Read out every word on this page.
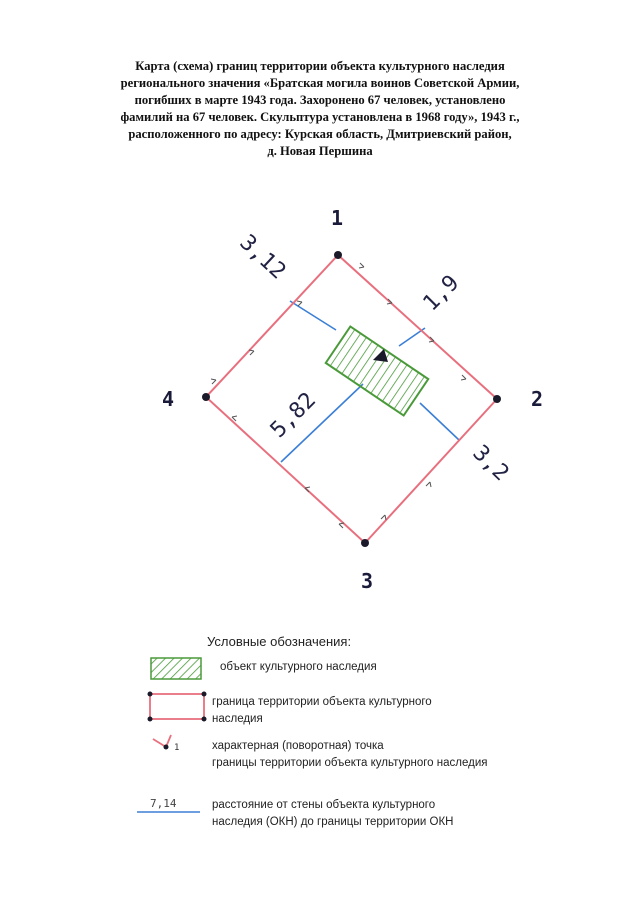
Карта (схема) границ территории объекта культурного наследия
регионального значения «Братская могила воинов Советской Армии,
погибших в марте 1943 года. Захоронено 67 человек, установлено
фамилий на 67 человек. Скульптура установлена в 1968 году», 1943 г.,
расположенного по адресу: Курская область, Дмитриевский район,
д. Новая Першина
1
2
3
4
3,12
1,9
5,82
3,2
1
Условные обозначения:
объект культурного наследия
граница территории объекта культурного
наследия
характерная (поворотная) точка
границы территории объекта культурного наследия
7,14	расстояние от стены объекта культурного
наследия (ОКН) до границы территории ОКН
